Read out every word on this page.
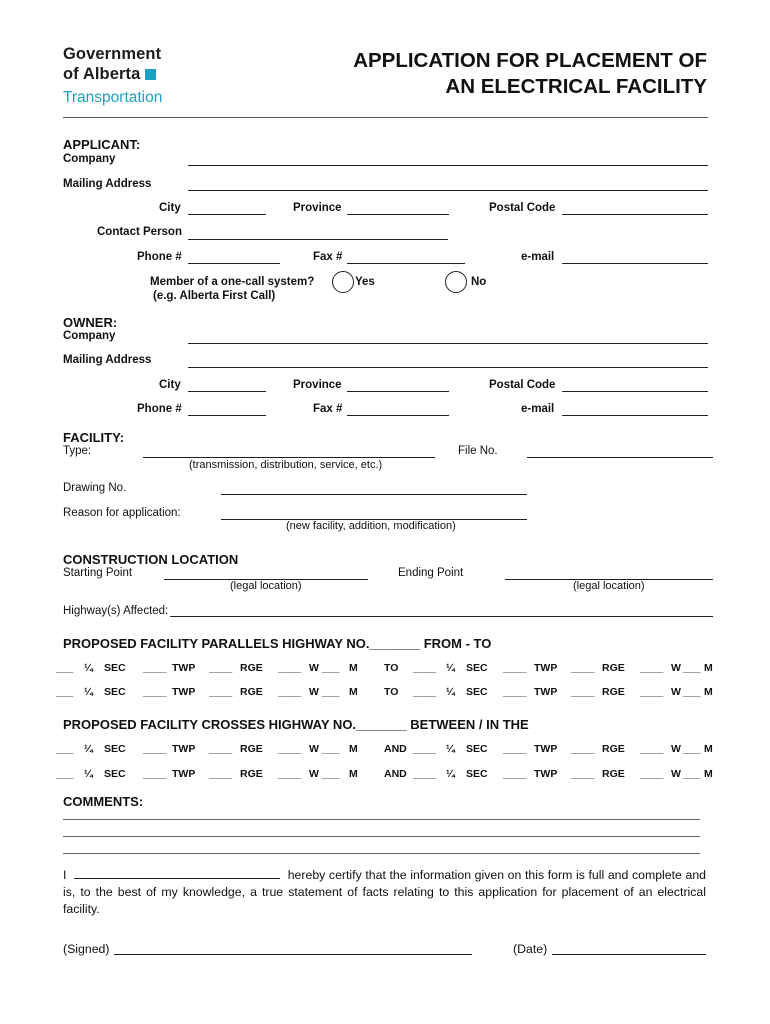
Government
of Alberta
Transportation
APPLICATION FOR PLACEMENT OF
AN ELECTRICAL FACILITY
APPLICANT:
Company
Mailing Address
City	Province	Postal Code
Contact Person
Phone #	Fax #	e-mail
Member of a one-call system?
(e.g. Alberta First Call)
Yes	No
OWNER:
Company
Mailing Address
City	Province	Postal Code
Phone #	Fax #	e-mail
FACILITY:
Type:
(transmission, distribution, service, etc.)
File No.
Drawing No.
Reason for application:
(new facility, addition, modification)
CONSTRUCTION LOCATION
Starting Point
(legal location)
Ending Point
(legal location)
Highway(s) Affected:
PROPOSED FACILITY PARALLELS HIGHWAY NO._______ FROM - TO
___ ¼ SEC ____ TWP ____ RGE ____ W ___ M	TO ____ ¼ SEC ____ TWP ____ RGE ____ W ___ M
___ ¼ SEC ____ TWP ____ RGE ____ W ___ M	TO ____ ¼ SEC ____ TWP ____ RGE ____ W ___ M
PROPOSED FACILITY CROSSES HIGHWAY NO._______ BETWEEN / IN THE
___ ¼ SEC ____ TWP ____ RGE ____ W ___ M	AND ____ ¼ SEC ____ TWP ____ RGE ____ W ___ M
___ ¼ SEC ____ TWP ____ RGE ____ W ___ M	AND ____ ¼ SEC ____ TWP ____ RGE ____ W ___ M
COMMENTS:
I	hereby certify that the information given on this form is full and complete and is, to the best of my knowledge, a true statement of facts relating to this application for placement of an electrical facility.
(Signed)	(Date)
